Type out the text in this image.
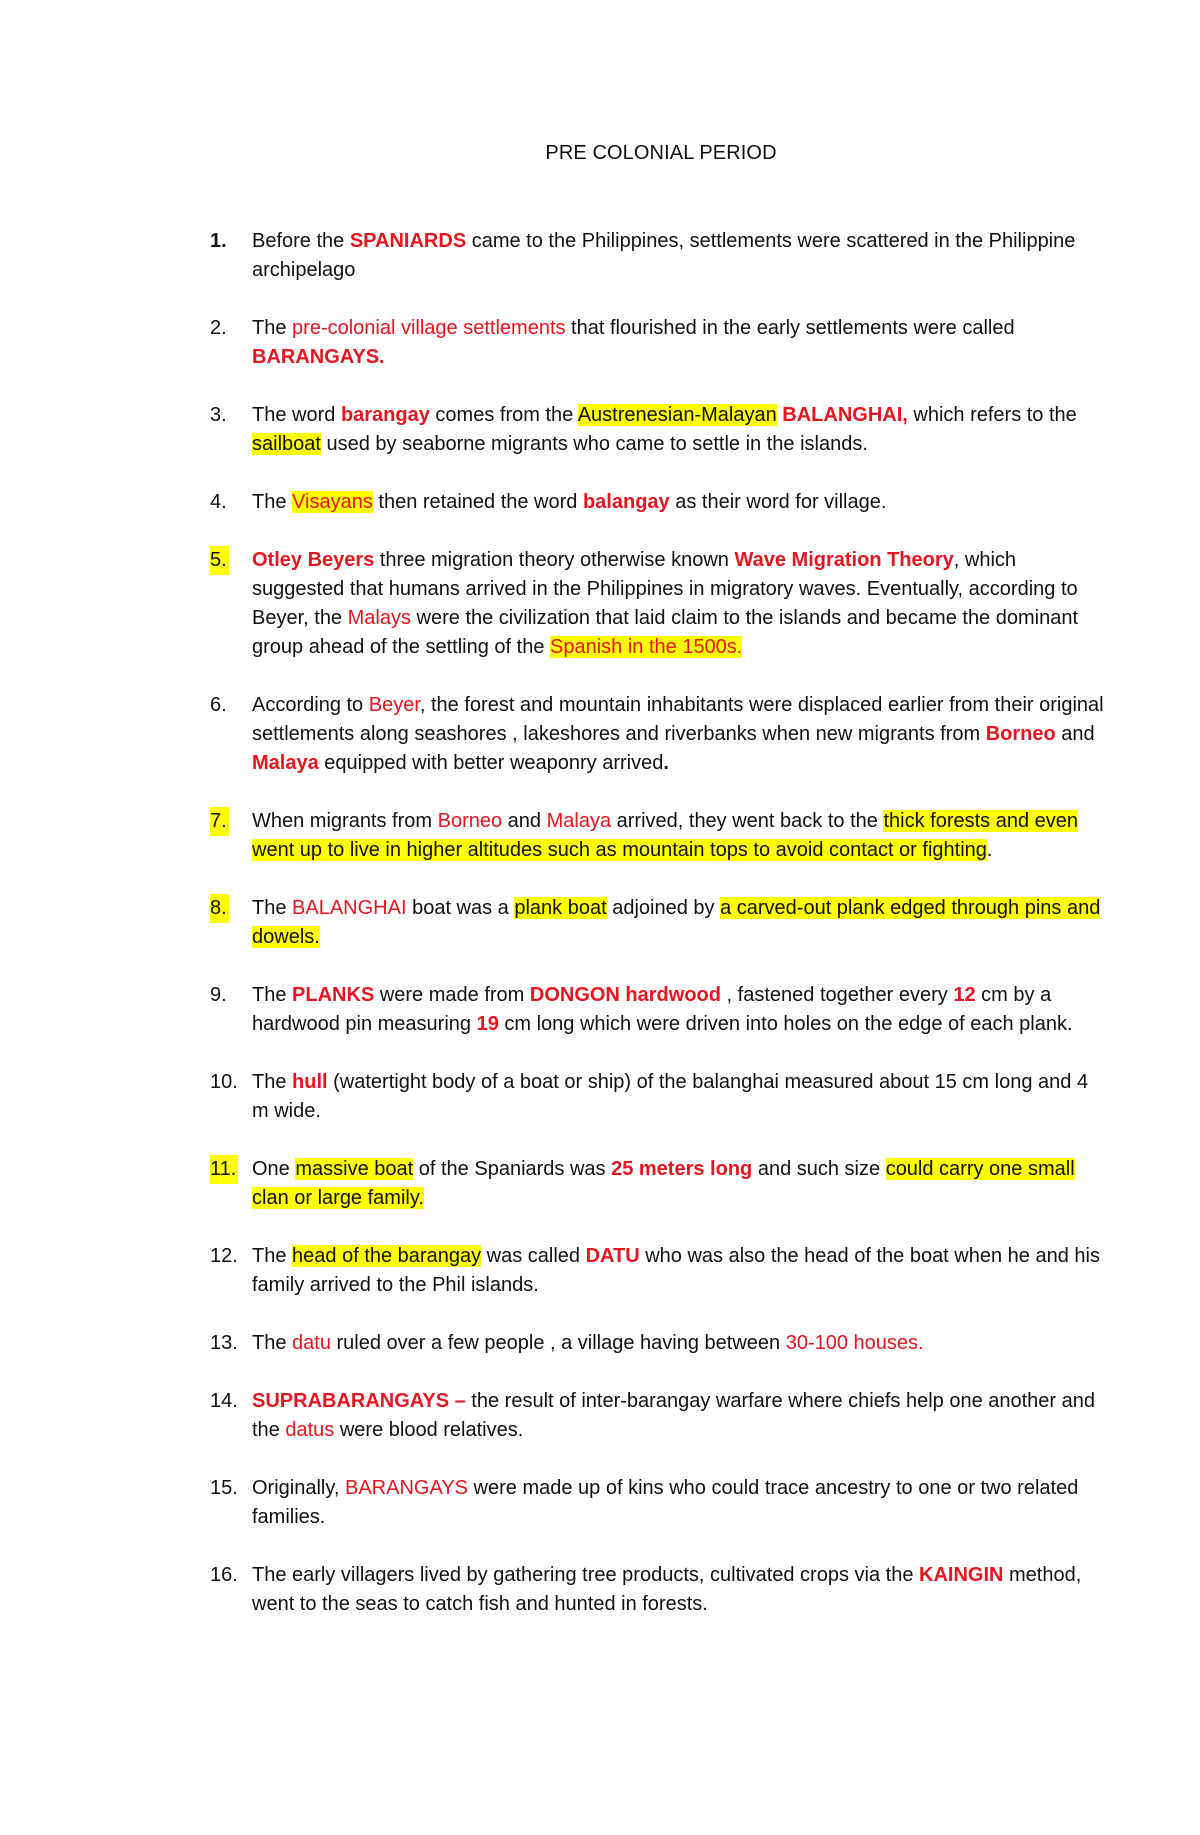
PRE COLONIAL PERIOD
1.	Before the SPANIARDS came to the Philippines, settlements were scattered in the Philippine archipelago
2.	The pre-colonial village settlements that flourished in the early settlements were called BARANGAYS.
3.	The word barangay comes from the Austrenesian-Malayan BALANGHAI, which refers to the sailboat used by seaborne migrants who came to settle in the islands.
4.	The Visayans then retained the word balangay as their word for village.
5. Otley Beyers three migration theory otherwise known Wave Migration Theory, which suggested that humans arrived in the Philippines in migratory waves. Eventually, according to Beyer, the Malays were the civilization that laid claim to the islands and became the dominant group ahead of the settling of the Spanish in the 1500s.
6.	According to Beyer, the forest and mountain inhabitants were displaced earlier from their original settlements along seashores , lakeshores and riverbanks when new migrants from Borneo and Malaya equipped with better weaponry arrived.
7. When migrants from Borneo and Malaya arrived, they went back to the thick forests and even went up to live in higher altitudes such as mountain tops to avoid contact or fighting.
8. The BALANGHAI boat was a plank boat adjoined by a carved-out plank edged through pins and dowels.
9.	The PLANKS were made from DONGON hardwood , fastened together every 12 cm by a hardwood pin measuring 19 cm long which were driven into holes on the edge of each plank.
10. The hull (watertight body of a boat or ship) of the balanghai measured about 15 cm long and 4 m wide.
11. One massive boat of the Spaniards was 25 meters long and such size could carry one small clan or large family.
12. The head of the barangay was called DATU who was also the head of the boat when he and his family arrived to the Phil islands.
13. The datu ruled over a few people , a village having between 30-100 houses.
14. SUPRABARANGAYS – the result of inter-barangay warfare where chiefs help one another and the datus were blood relatives.
15. Originally, BARANGAYS were made up of kins who could trace ancestry to one or two related families.
16. The early villagers lived by gathering tree products, cultivated crops via the KAINGIN method, went to the seas to catch fish and hunted in forests.
